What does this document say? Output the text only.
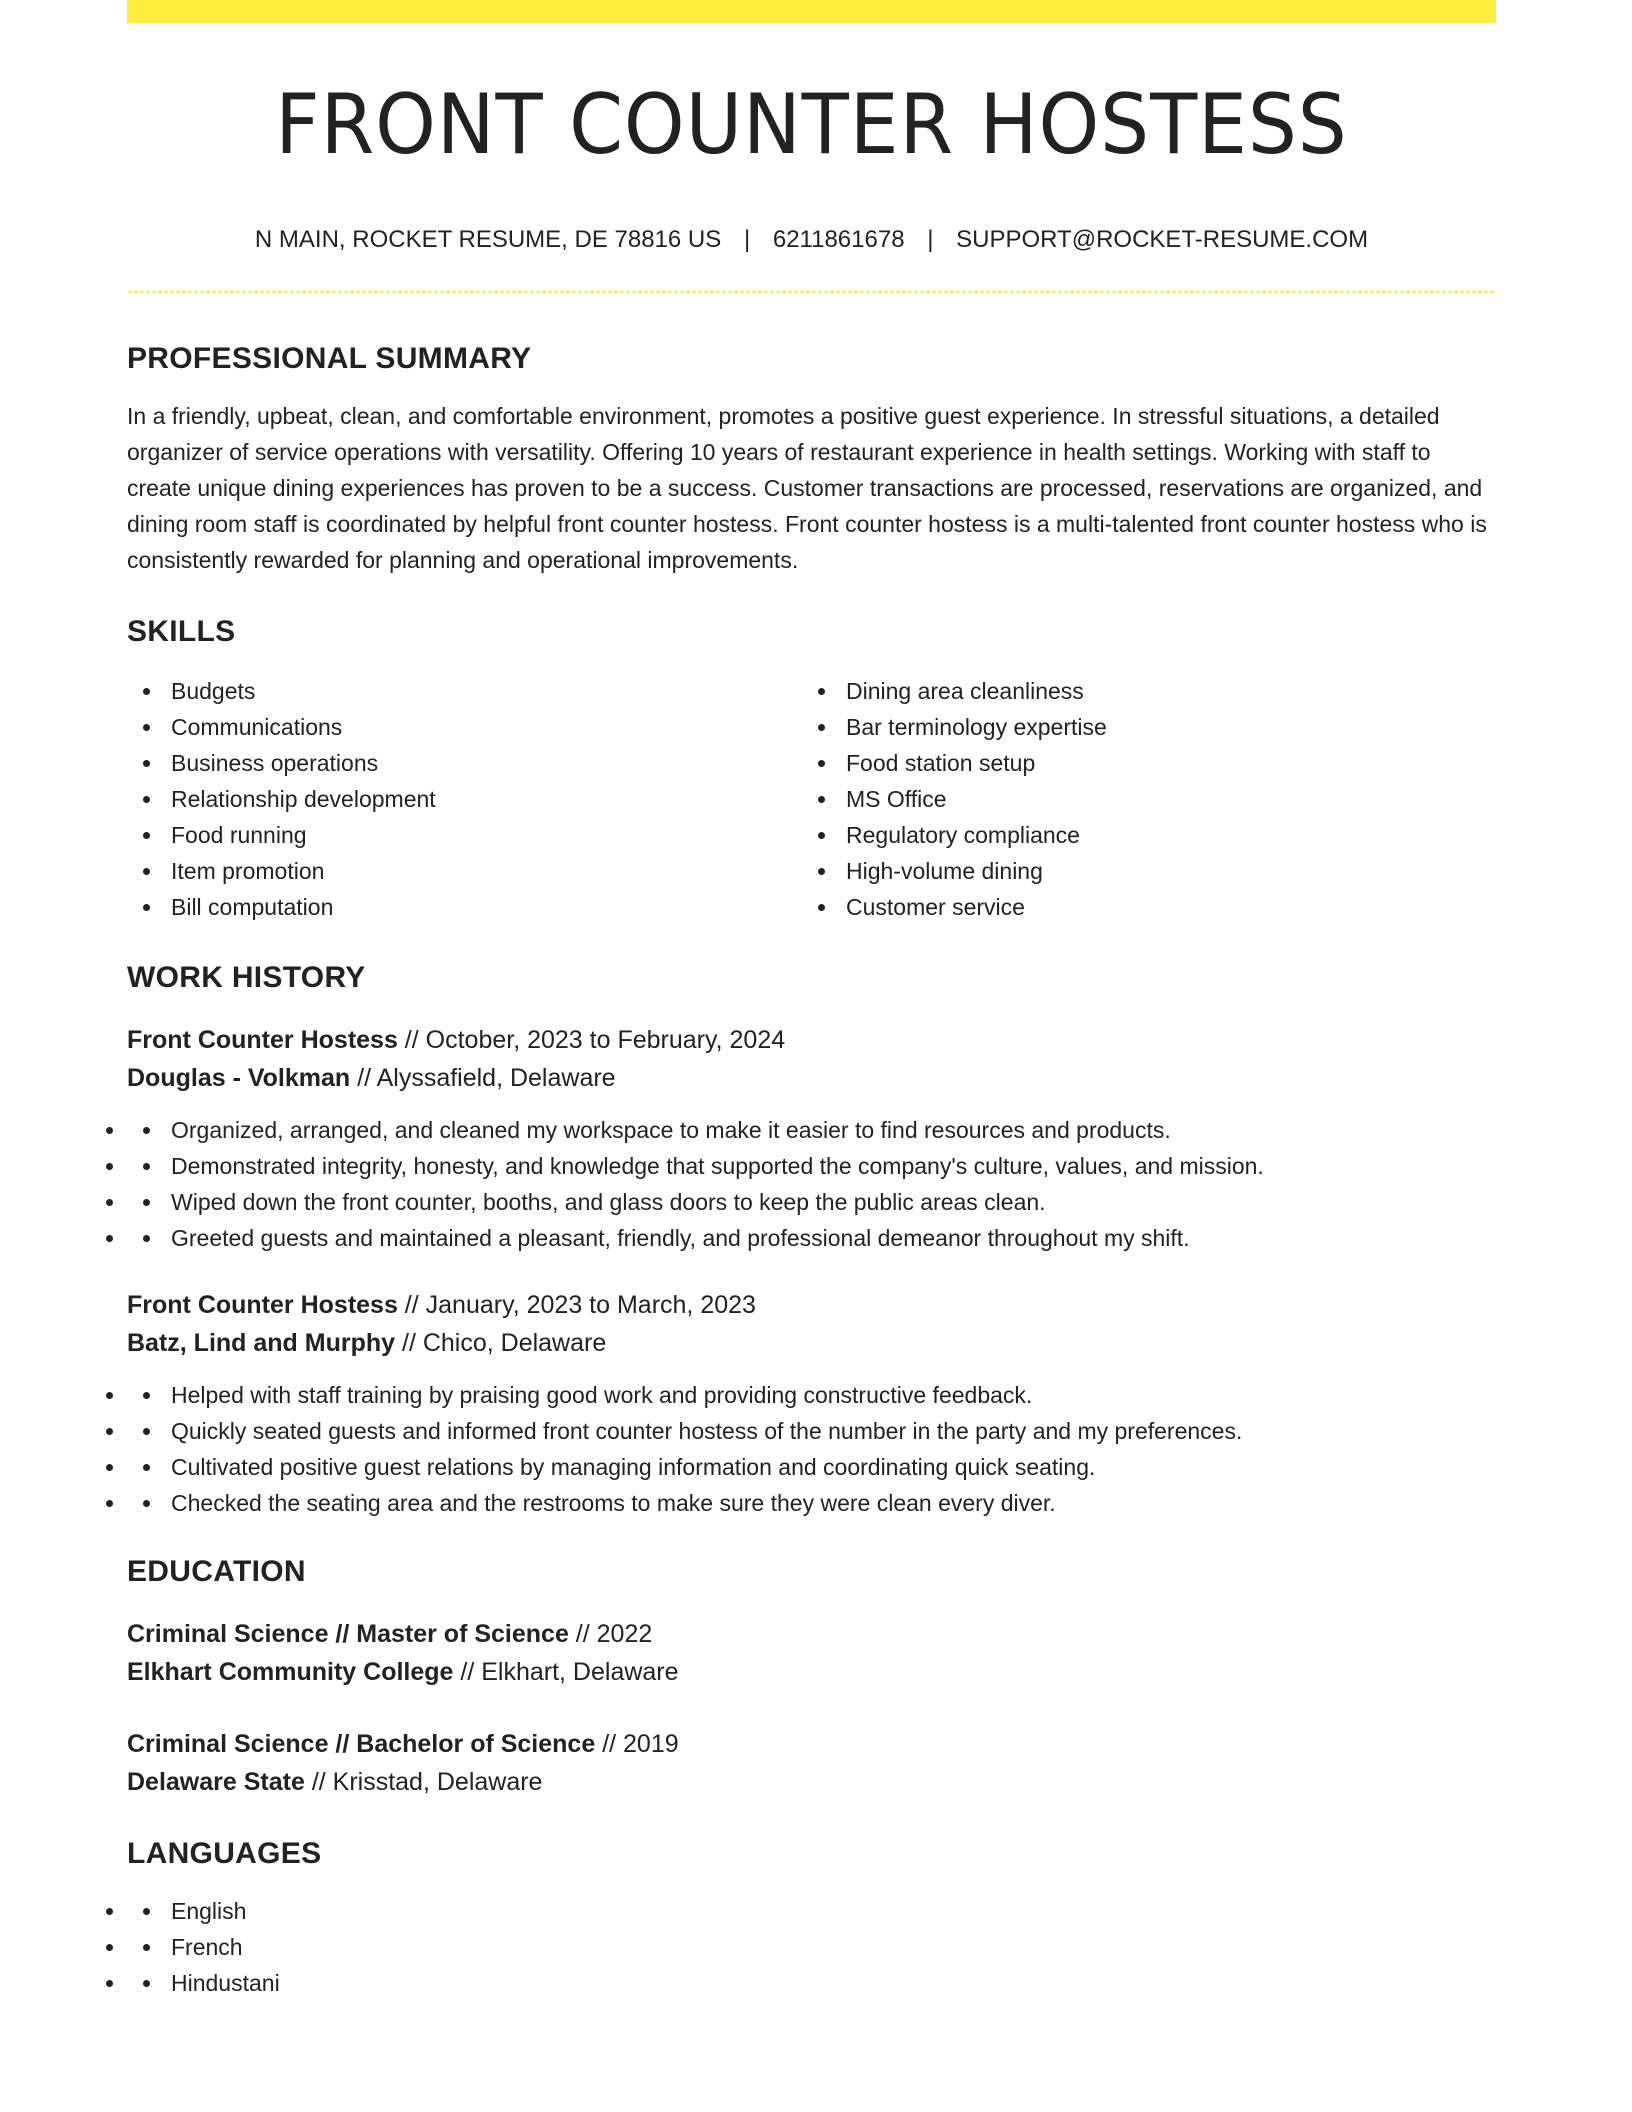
FRONT COUNTER HOSTESS
N MAIN, ROCKET RESUME, DE 78816 US | 6211861678 | SUPPORT@ROCKET-RESUME.COM
PROFESSIONAL SUMMARY

In a friendly, upbeat, clean, and comfortable environment, promotes a positive guest experience. In stressful situations, a detailed organizer of service operations with versatility. Offering 10 years of restaurant experience in health settings. Working with staff to create unique dining experiences has proven to be a success. Customer transactions are processed, reservations are organized, and dining room staff is coordinated by helpful front counter hostess. Front counter hostess is a multi-talented front counter hostess who is consistently rewarded for planning and operational improvements.

SKILLS
Budgets
Communications
Business operations
Relationship development
Food running
Item promotion
Bill computation
Dining area cleanliness
Bar terminology expertise
Food station setup
MS Office
Regulatory compliance
High-volume dining
Customer service
WORK HISTORY
Front Counter Hostess // October, 2023 to February, 2024
Douglas - Volkman // Alyssafield, Delaware
• Organized, arranged, and cleaned my workspace to make it easier to find resources and products.
• Demonstrated integrity, honesty, and knowledge that supported the company's culture, values, and mission.
• Wiped down the front counter, booths, and glass doors to keep the public areas clean.
• Greeted guests and maintained a pleasant, friendly, and professional demeanor throughout my shift.
Front Counter Hostess // January, 2023 to March, 2023
Batz, Lind and Murphy // Chico, Delaware
• Helped with staff training by praising good work and providing constructive feedback.
• Quickly seated guests and informed front counter hostess of the number in the party and my preferences.
• Cultivated positive guest relations by managing information and coordinating quick seating.
• Checked the seating area and the restrooms to make sure they were clean every diver.
EDUCATION
Criminal Science // Master of Science // 2022
Elkhart Community College // Elkhart, Delaware
Criminal Science // Bachelor of Science // 2019
Delaware State // Krisstad, Delaware
LANGUAGES
• English
• French
• Hindustani
